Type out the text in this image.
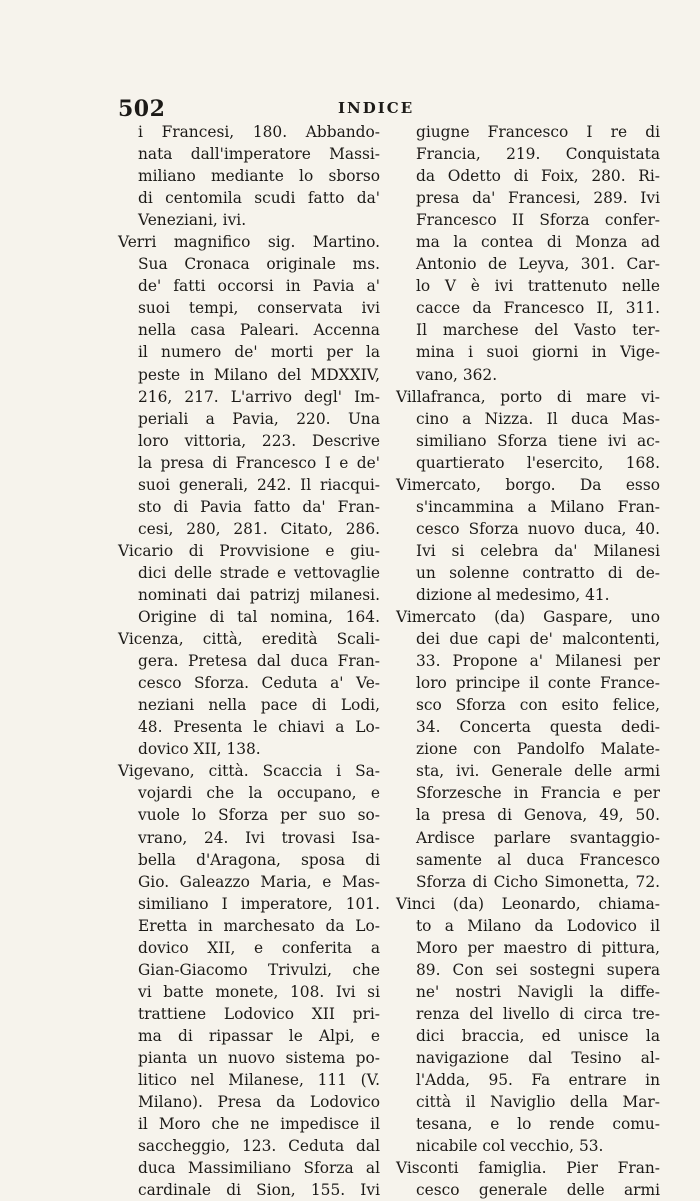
502	INDICE
i Francesi, 180. Abbando-
nata dall'imperatore Massi-
miliano mediante lo sborso
di centomila scudi fatto da'
Veneziani, ivi.
Verri magnifico sig. Martino.
Sua Cronaca originale ms.
de' fatti occorsi in Pavia a'
suoi tempi, conservata ivi
nella casa Paleari. Accenna
il numero de' morti per la
peste in Milano del MDXXIV,
216, 217. L'arrivo degl' Im-
periali a Pavia, 220. Una
loro vittoria, 223. Descrive
la presa di Francesco I e de'
suoi generali, 242. Il riacqui-
sto di Pavia fatto da' Fran-
cesi, 280, 281. Citato, 286.
Vicario di Provvisione e giu-
dici delle strade e vettovaglie
nominati dai patrizj milanesi.
Origine di tal nomina, 164.
Vicenza, città, eredità Scali-
gera. Pretesa dal duca Fran-
cesco Sforza. Ceduta a' Ve-
neziani nella pace di Lodi,
48. Presenta le chiavi a Lo-
dovico XII, 138.
Vigevano, città. Scaccia i Sa-
vojardi che la occupano, e
vuole lo Sforza per suo so-
vrano, 24. Ivi trovasi Isa-
bella d'Aragona, sposa di
Gio. Galeazzo Maria, e Mas-
similiano I imperatore, 101.
Eretta in marchesato da Lo-
dovico XII, e conferita a
Gian-Giacomo Trivulzi, che
vi batte monete, 108. Ivi si
trattiene Lodovico XII pri-
ma di ripassar le Alpi, e
pianta un nuovo sistema po-
litico nel Milanese, 111 (V.
Milano). Presa da Lodovico
il Moro che ne impedisce il
saccheggio, 123. Ceduta dal
duca Massimiliano Sforza al
cardinale di Sion, 155. Ivi
giugne Francesco I re di
Francia, 219. Conquistata
da Odetto di Foix, 280. Ri-
presa da' Francesi, 289. Ivi
Francesco II Sforza confer-
ma la contea di Monza ad
Antonio de Leyva, 301. Car-
lo V è ivi trattenuto nelle
cacce da Francesco II, 311.
Il marchese del Vasto ter-
mina i suoi giorni in Vige-
vano, 362.
Villafranca, porto di mare vi-
cino a Nizza. Il duca Mas-
similiano Sforza tiene ivi ac-
quartierato l'esercito, 168.
Vimercato, borgo. Da esso
s'incammina a Milano Fran-
cesco Sforza nuovo duca, 40.
Ivi si celebra da' Milanesi
un solenne contratto di de-
dizione al medesimo, 41.
Vimercato (da) Gaspare, uno
dei due capi de' malcontenti,
33. Propone a' Milanesi per
loro principe il conte France-
sco Sforza con esito felice,
34. Concerta questa dedi-
zione con Pandolfo Malate-
sta, ivi. Generale delle armi
Sforzesche in Francia e per
la presa di Genova, 49, 50.
Ardisce parlare svantaggio-
samente al duca Francesco
Sforza di Cicho Simonetta, 72.
Vinci (da) Leonardo, chiama-
to a Milano da Lodovico il
Moro per maestro di pittura,
89. Con sei sostegni supera
ne' nostri Navigli la diffe-
renza del livello di circa tre-
dici braccia, ed unisce la
navigazione dal Tesino al-
l'Adda, 95. Fa entrare in
città il Naviglio della Mar-
tesana, e lo rende comu-
nicabile col vecchio, 53.
Visconti famiglia. Pier Fran-
cesco generale delle armi
